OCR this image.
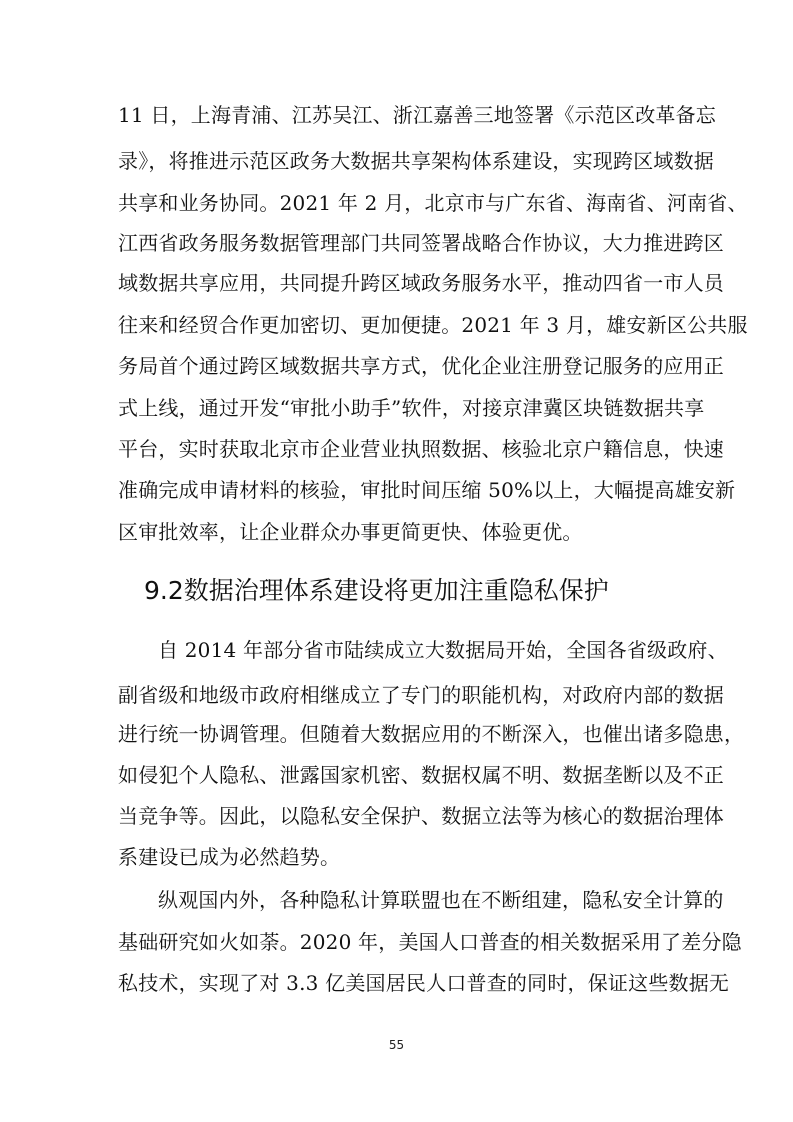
11 日，上海青浦、江苏吴江、浙江嘉善三地签署《示范区改革备忘
录》，将推进示范区政务大数据共享架构体系建设，实现跨区域数据
共享和业务协同。2021 年 2 月，北京市与广东省、海南省、河南省、
江西省政务服务数据管理部门共同签署战略合作协议，大力推进跨区
域数据共享应用，共同提升跨区域政务服务水平，推动四省一市人员
往来和经贸合作更加密切、更加便捷。2021 年 3 月，雄安新区公共服
务局首个通过跨区域数据共享方式，优化企业注册登记服务的应用正
式上线，通过开发“审批小助手”软件，对接京津冀区块链数据共享
平台，实时获取北京市企业营业执照数据、核验北京户籍信息，快速
准确完成申请材料的核验，审批时间压缩 50%以上，大幅提高雄安新
区审批效率，让企业群众办事更简更快、体验更优。
9.2数据治理体系建设将更加注重隐私保护
自 2014 年部分省市陆续成立大数据局开始，全国各省级政府、
副省级和地级市政府相继成立了专门的职能机构，对政府内部的数据
进行统一协调管理。但随着大数据应用的不断深入，也催出诸多隐患，
如侵犯个人隐私、泄露国家机密、数据权属不明、数据垄断以及不正
当竞争等。因此，以隐私安全保护、数据立法等为核心的数据治理体
系建设已成为必然趋势。
纵观国内外，各种隐私计算联盟也在不断组建，隐私安全计算的
基础研究如火如荼。2020 年，美国人口普查的相关数据采用了差分隐
私技术，实现了对 3.3 亿美国居民人口普查的同时，保证这些数据无
55
